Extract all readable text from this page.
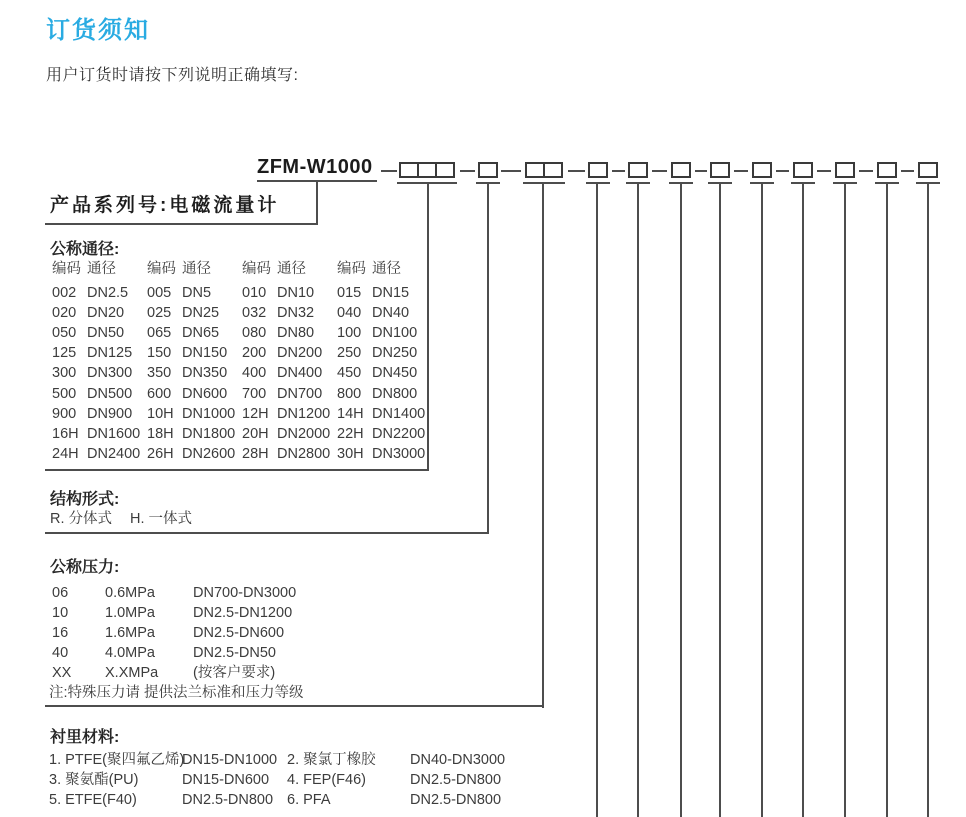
订货须知
用户订货时请按下列说明正确填写:
ZFM-W1000
产品系列号:电磁流量计
公称通径:
编码 通径 编码 通径 编码 通径 编码 通径
002 DN2.5 005 DN5 010 DN10 015 DN15
020 DN20 025 DN25 032 DN32 040 DN40
050 DN50 065 DN65 080 DN80 100 DN100
125 DN125 150 DN150 200 DN200 250 DN250
300 DN300 350 DN350 400 DN400 450 DN450
500 DN500 600 DN600 700 DN700 800 DN800
900 DN900 10H DN1000 12H DN1200 14H DN1400
16H DN1600 18H DN1800 20H DN2000 22H DN2200
24H DN2400 26H DN2600 28H DN2800 30H DN3000
结构形式:
R. 分体式 H. 一体式
公称压力:
06	0.6MPa	DN700-DN3000
10	1.0MPa	DN2.5-DN1200
16	1.6MPa	DN2.5-DN600
40	4.0MPa	DN2.5-DN50
XX X.XMPa (按客户要求)
注:特殊压力请 提供法兰标准和压力等级
衬里材料:
1. PTFE(聚四氟乙烯)DN15-DN1000 2. 聚氯丁橡胶 DN40-DN3000
3. 聚氨酯(PU)	DN15-DN600 4. FEP(F46)	DN2.5-DN800
5. ETFE(F40)	DN2.5-DN800 6. PFA	DN2.5-DN800
